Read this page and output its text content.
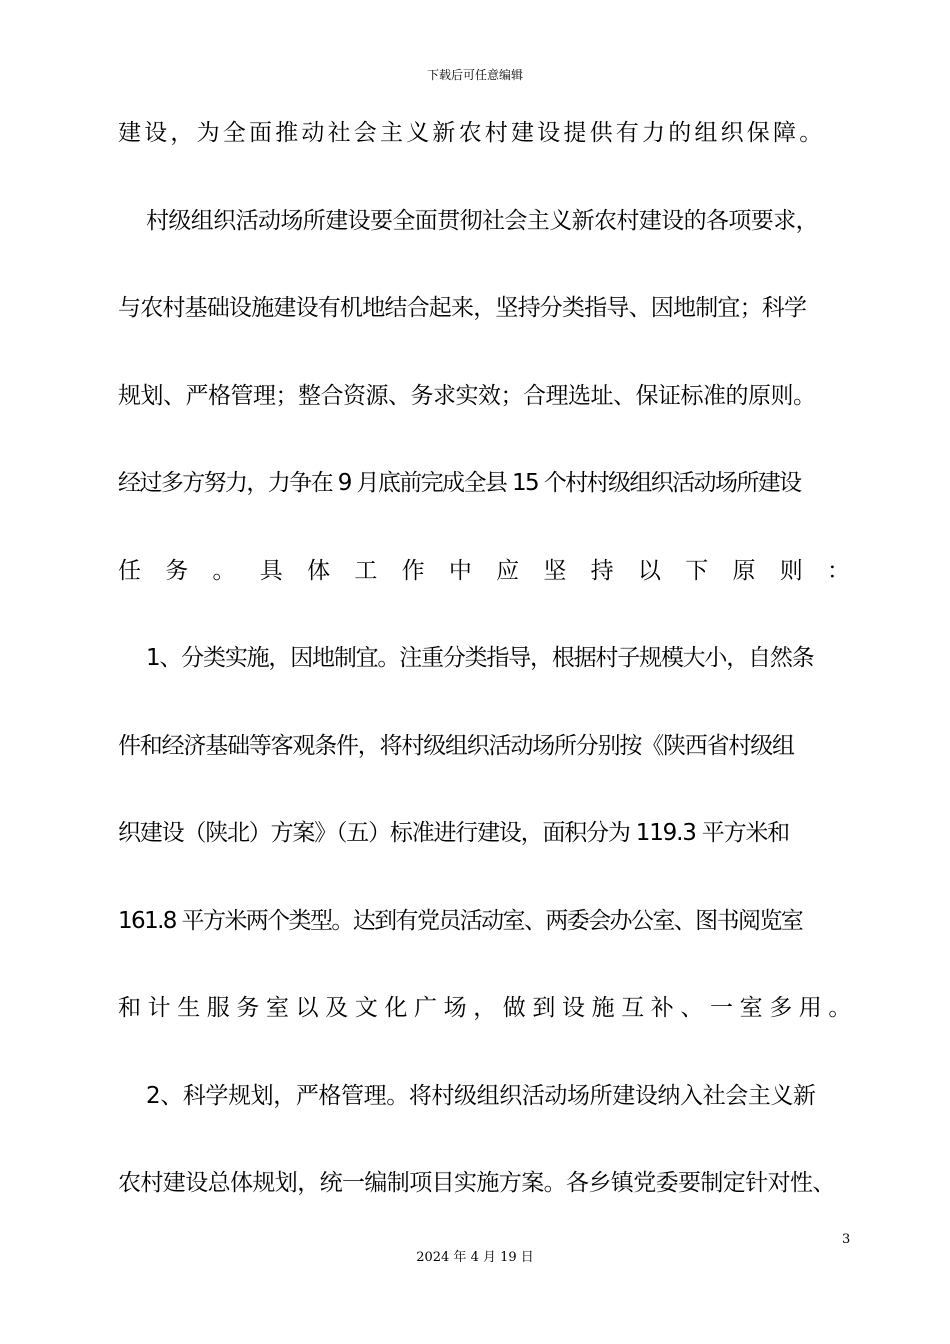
下载后可任意编辑
建设，为全面推动社会主义新农村建设提供有力的组织保障。
村级组织活动场所建设要全面贯彻社会主义新农村建设的各项要求，
与农村基础设施建设有机地结合起来，坚持分类指导、因地制宜；科学
规划、严格管理；整合资源、务求实效；合理选址、保证标准的原则。
经过多方努力，力争在 9 月底前完成全县 15 个村村级组织活动场所建设
任 务 。 具 体 工 作 中 应 坚 持 以 下 原 则 ：
1、分类实施，因地制宜。注重分类指导，根据村子规模大小，自然条
件和经济基础等客观条件，将村级组织活动场所分别按《陕西省村级组
织建设（陕北）方案》（五）标准进行建设，面积分为 119.3 平方米和
161.8 平方米两个类型。达到有党员活动室、两委会办公室、图书阅览室
和计生服务室以及文化广场，做到设施互补、一室多用。
2、科学规划，严格管理。将村级组织活动场所建设纳入社会主义新
农村建设总体规划，统一编制项目实施方案。各乡镇党委要制定针对性、
3
2024 年 4 月 19 日
